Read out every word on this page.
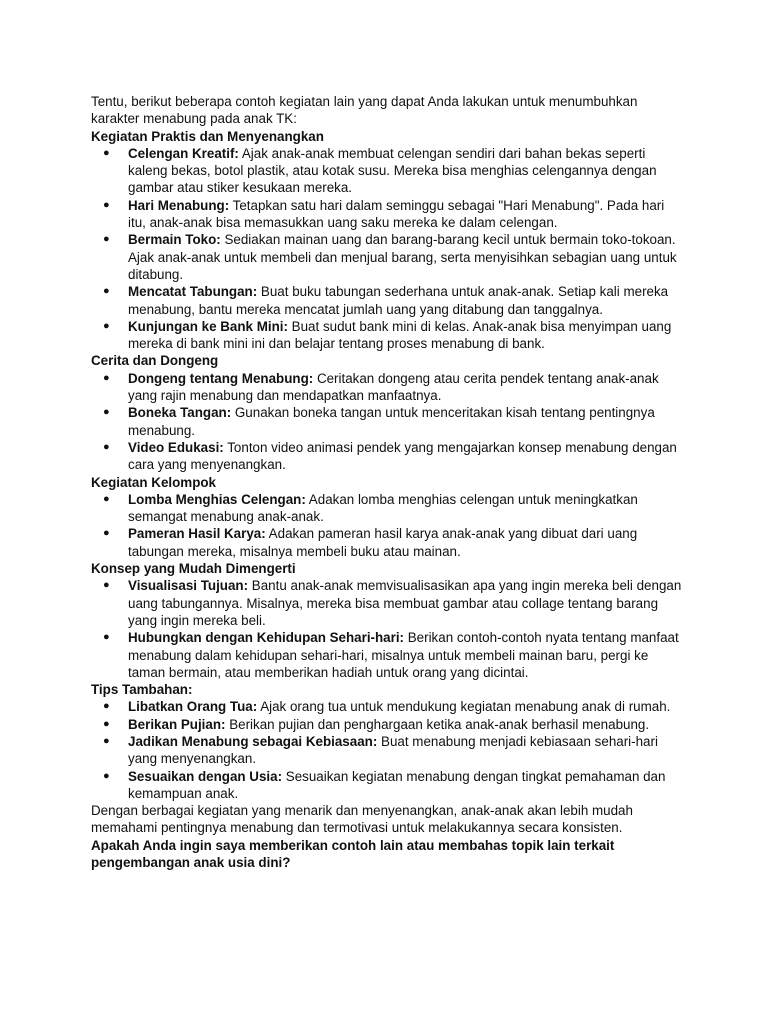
Tentu, berikut beberapa contoh kegiatan lain yang dapat Anda lakukan untuk menumbuhkan karakter menabung pada anak TK:

Kegiatan Praktis dan Menyenangkan

● Celengan Kreatif: Ajak anak-anak membuat celengan sendiri dari bahan bekas seperti kaleng bekas, botol plastik, atau kotak susu. Mereka bisa menghias celengannya dengan gambar atau stiker kesukaan mereka.
● Hari Menabung: Tetapkan satu hari dalam seminggu sebagai "Hari Menabung". Pada hari itu, anak-anak bisa memasukkan uang saku mereka ke dalam celengan.
● Bermain Toko: Sediakan mainan uang dan barang-barang kecil untuk bermain toko-tokoan. Ajak anak-anak untuk membeli dan menjual barang, serta menyisihkan sebagian uang untuk ditabung.
● Mencatat Tabungan: Buat buku tabungan sederhana untuk anak-anak. Setiap kali mereka menabung, bantu mereka mencatat jumlah uang yang ditabung dan tanggalnya.
● Kunjungan ke Bank Mini: Buat sudut bank mini di kelas. Anak-anak bisa menyimpan uang mereka di bank mini ini dan belajar tentang proses menabung di bank.

Cerita dan Dongeng

● Dongeng tentang Menabung: Ceritakan dongeng atau cerita pendek tentang anak-anak yang rajin menabung dan mendapatkan manfaatnya.
● Boneka Tangan: Gunakan boneka tangan untuk menceritakan kisah tentang pentingnya menabung.
● Video Edukasi: Tonton video animasi pendek yang mengajarkan konsep menabung dengan cara yang menyenangkan.

Kegiatan Kelompok

● Lomba Menghias Celengan: Adakan lomba menghias celengan untuk meningkatkan semangat menabung anak-anak.
● Pameran Hasil Karya: Adakan pameran hasil karya anak-anak yang dibuat dari uang tabungan mereka, misalnya membeli buku atau mainan.

Konsep yang Mudah Dimengerti

● Visualisasi Tujuan: Bantu anak-anak memvisualisasikan apa yang ingin mereka beli dengan uang tabungannya. Misalnya, mereka bisa membuat gambar atau collage tentang barang yang ingin mereka beli.
● Hubungkan dengan Kehidupan Sehari-hari: Berikan contoh-contoh nyata tentang manfaat menabung dalam kehidupan sehari-hari, misalnya untuk membeli mainan baru, pergi ke taman bermain, atau memberikan hadiah untuk orang yang dicintai.

Tips Tambahan:

● Libatkan Orang Tua: Ajak orang tua untuk mendukung kegiatan menabung anak di rumah.
● Berikan Pujian: Berikan pujian dan penghargaan ketika anak-anak berhasil menabung.
● Jadikan Menabung sebagai Kebiasaan: Buat menabung menjadi kebiasaan sehari-hari yang menyenangkan.
● Sesuaikan dengan Usia: Sesuaikan kegiatan menabung dengan tingkat pemahaman dan kemampuan anak.

Dengan berbagai kegiatan yang menarik dan menyenangkan, anak-anak akan lebih mudah memahami pentingnya menabung dan termotivasi untuk melakukannya secara konsisten.

Apakah Anda ingin saya memberikan contoh lain atau membahas topik lain terkait pengembangan anak usia dini?
